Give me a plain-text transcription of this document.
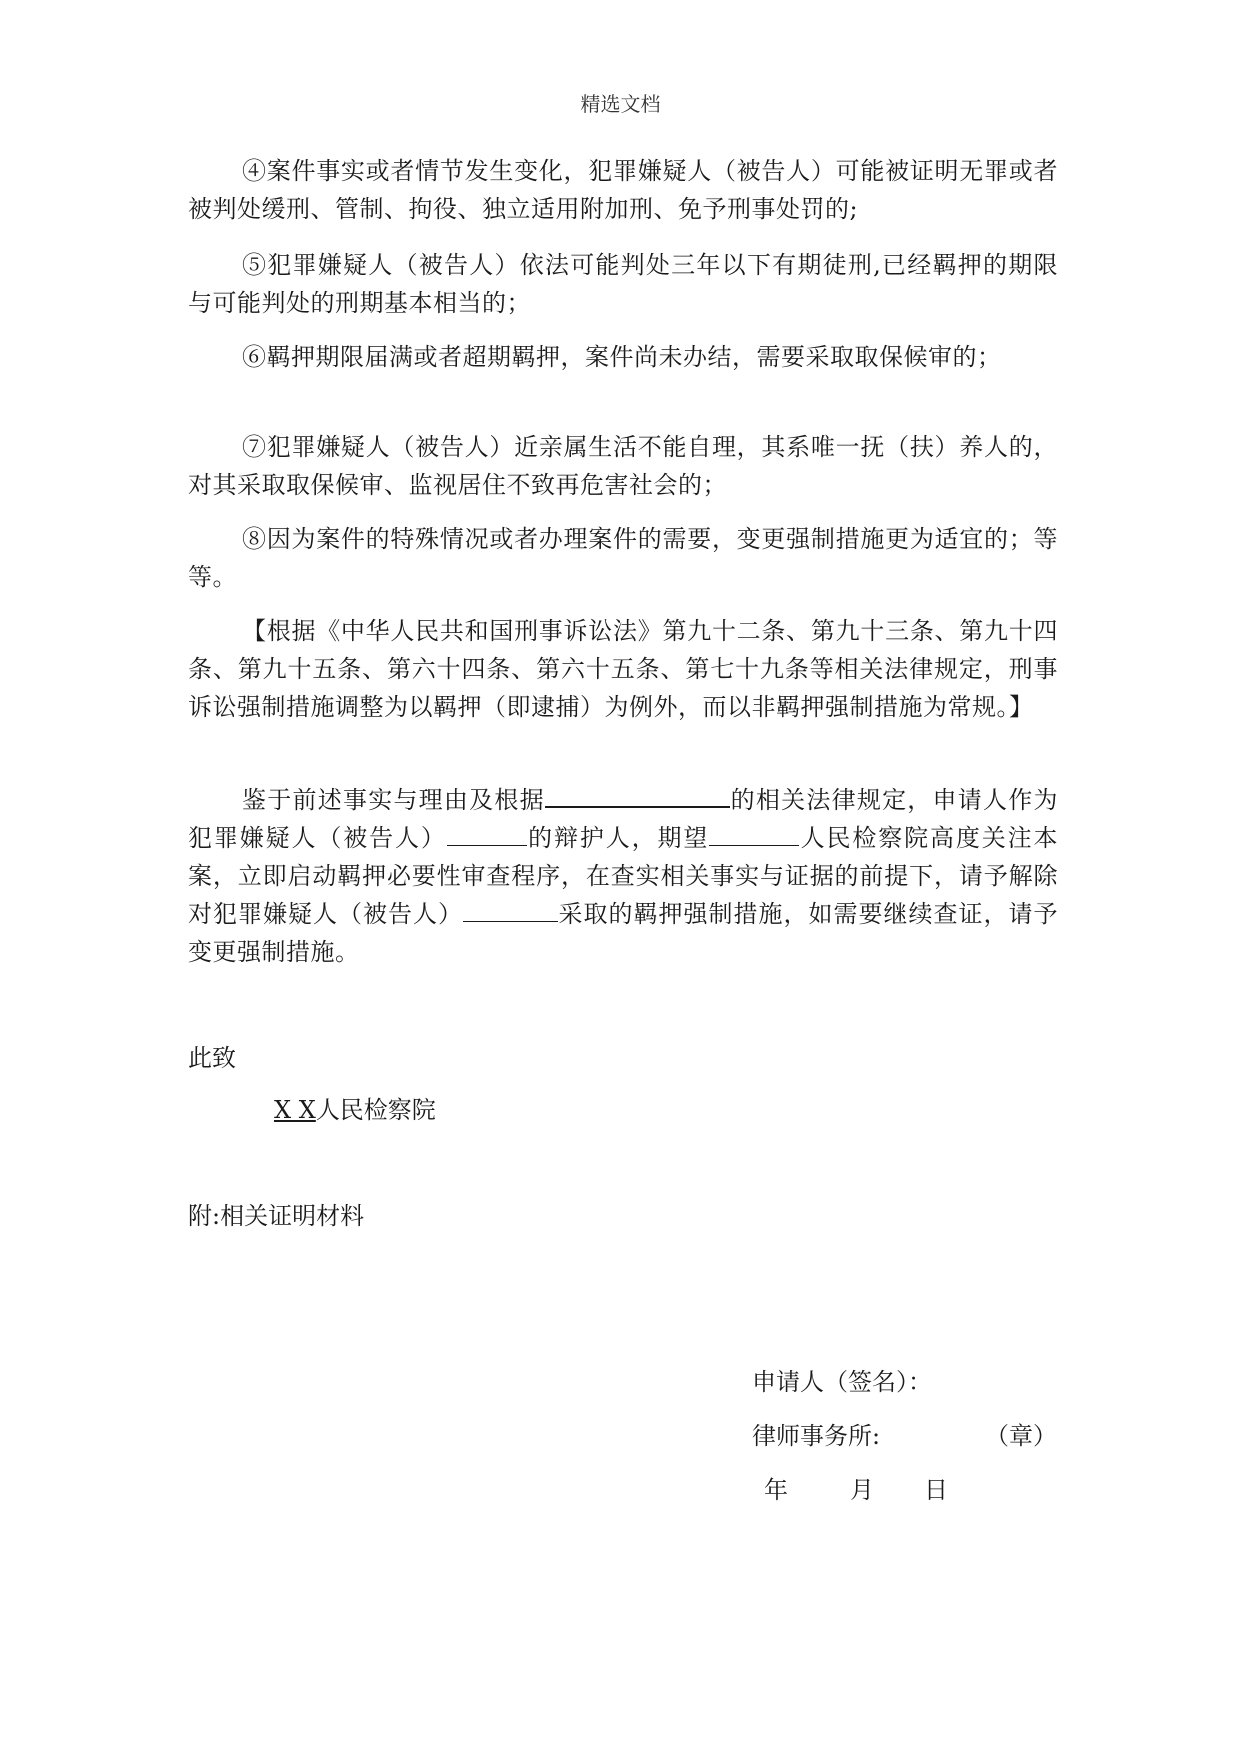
精选文档
④案件事实或者情节发生变化，犯罪嫌疑人（被告人）可能被证明无罪或者被判处缓刑、管制、拘役、独立适用附加刑、免予刑事处罚的;
⑤犯罪嫌疑人（被告人）依法可能判处三年以下有期徒刑,已经羁押的期限与可能判处的刑期基本相当的；
⑥羁押期限届满或者超期羁押，案件尚未办结，需要采取取保候审的；
⑦犯罪嫌疑人（被告人）近亲属生活不能自理，其系唯一抚（扶）养人的，对其采取取保候审、监视居住不致再危害社会的；
⑧因为案件的特殊情况或者办理案件的需要，变更强制措施更为适宜的；等等。
【根据《中华人民共和国刑事诉讼法》第九十二条、第九十三条、第九十四条、第九十五条、第六十四条、第六十五条、第七十九条等相关法律规定，刑事诉讼强制措施调整为以羁押（即逮捕）为例外，而以非羁押强制措施为常规。】
鉴于前述事实与理由及根据	的相关法律规定，申请人作为犯罪嫌疑人（被告人）	的辩护人，期望	人民检察院高度关注本案，立即启动羁押必要性审查程序，在查实相关事实与证据的前提下，请予解除对犯罪嫌疑人（被告人）	采取的羁押强制措施，如需要继续查证，请予变更强制措施。
此致
X X人民检察院
附:相关证明材料
申请人（签名）：
律师事务所:	（章）
年	月 日
